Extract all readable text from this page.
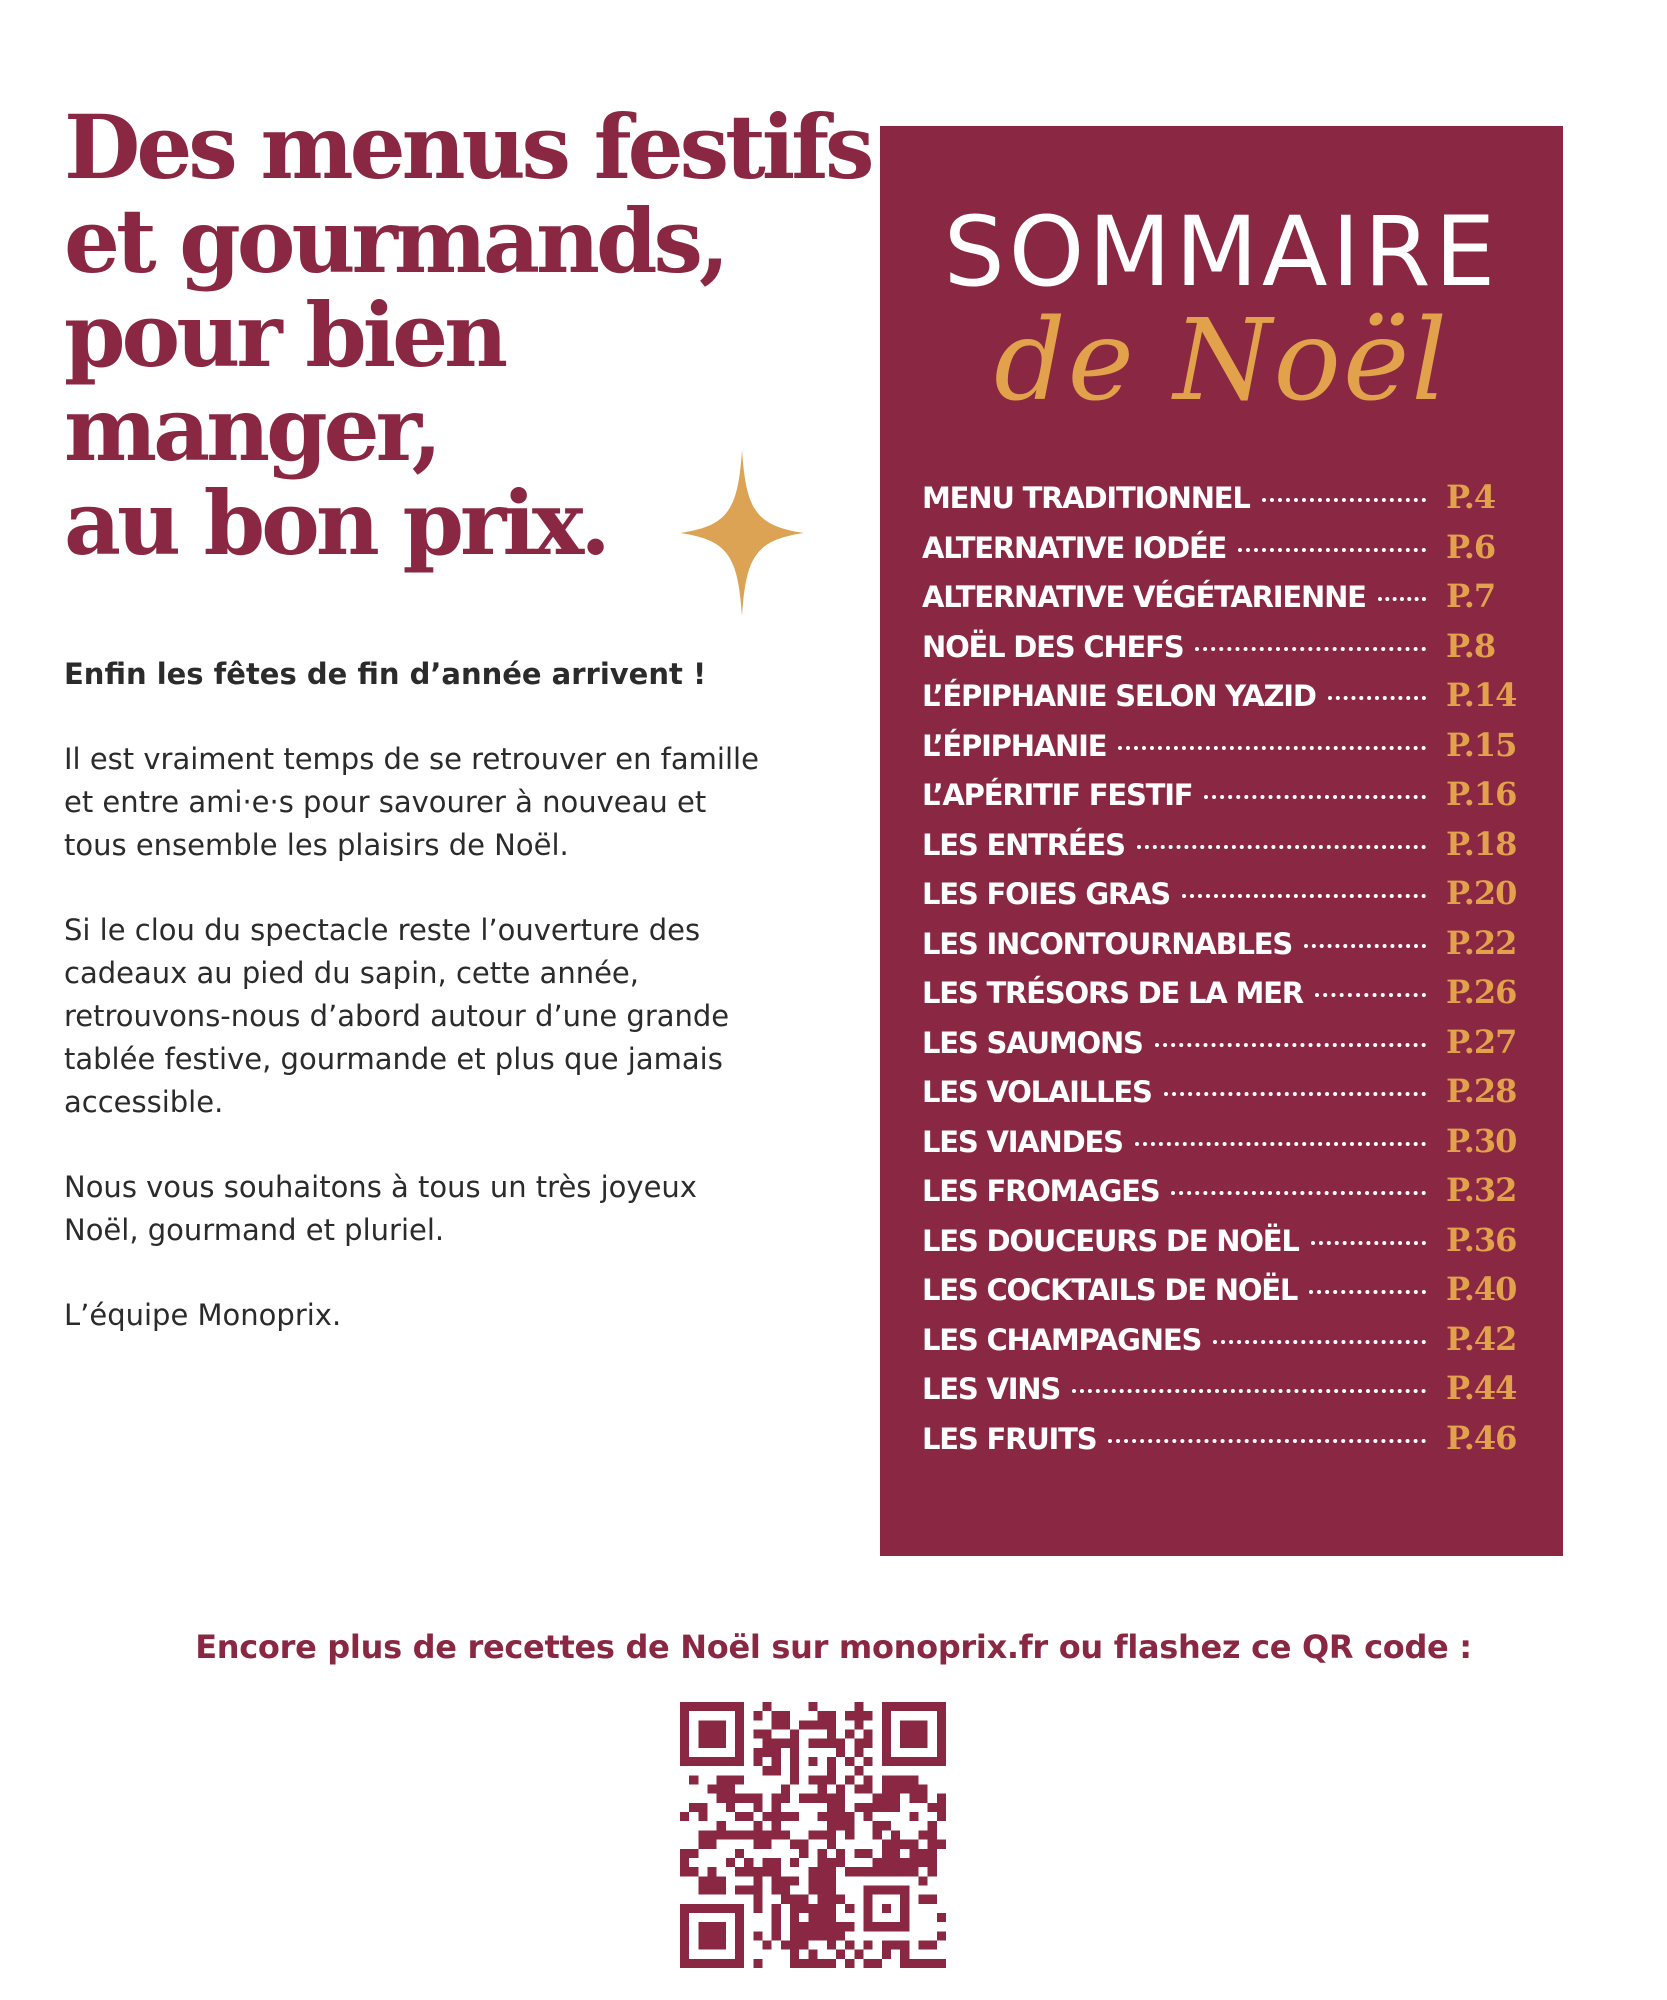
Des menus festifs
et gourmands,
pour bien
manger,
au bon prix.

Enfin les fêtes de fin d’année arrivent !

Il est vraiment temps de se retrouver en famille et entre ami·e·s pour savourer à nouveau et tous ensemble les plaisirs de Noël.

Si le clou du spectacle reste l’ouverture des cadeaux au pied du sapin, cette année, retrouvons-nous d’abord autour d’une grande tablée festive, gourmande et plus que jamais accessible.

Nous vous souhaitons à tous un très joyeux Noël, gourmand et pluriel.

L’équipe Monoprix.

SOMMAIRE
de Noël
MENU TRADITIONNEL	P.4
ALTERNATIVE IODÉE	P.6
ALTERNATIVE VÉGÉTARIENNE	P.7
NOËL DES CHEFS	P.8
L’ÉPIPHANIE SELON YAZID	P.14
L’ÉPIPHANIE	P.15
L’APÉRITIF FESTIF	P.16
LES ENTRÉES	P.18
LES FOIES GRAS	P.20
LES INCONTOURNABLES	P.22
LES TRÉSORS DE LA MER	P.26
LES SAUMONS	P.27
LES VOLAILLES	P.28
LES VIANDES	P.30
LES FROMAGES	P.32
LES DOUCEURS DE NOËL	P.36
LES COCKTAILS DE NOËL	P.40
LES CHAMPAGNES	P.42
LES VINS	P.44
LES FRUITS	P.46

Encore plus de recettes de Noël sur monoprix.fr ou flashez ce QR code :
